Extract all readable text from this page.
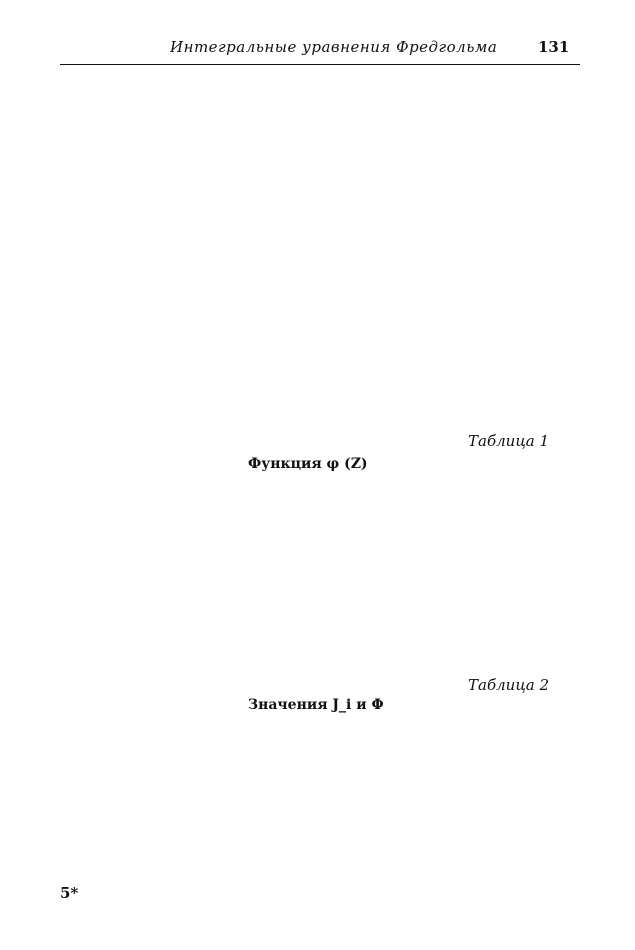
Интегральные уравнения Фредгольма	131
Таблица 1
Функция φ (Z)
Таблица 2
Значения J_i и Φ
5*
